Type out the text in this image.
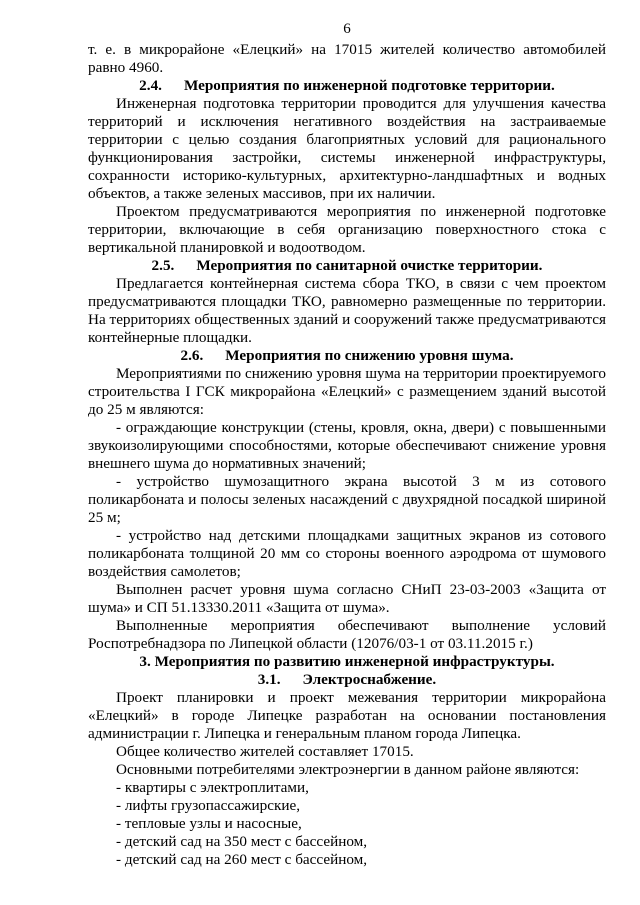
6

т. е. в микрорайоне «Елецкий» на 17015 жителей количество автомобилей равно 4960.

2.4. Мероприятия по инженерной подготовке территории.

Инженерная подготовка территории проводится для улучшения качества территорий и исключения негативного воздействия на застраиваемые территории с целью создания благоприятных условий для рационального функционирования застройки, системы инженерной инфраструктуры, сохранности историко-культурных, архитектурно-ландшафтных и водных объектов, а также зеленых массивов, при их наличии.

Проектом предусматриваются мероприятия по инженерной подготовке территории, включающие в себя организацию поверхностного стока с вертикальной планировкой и водоотводом.

2.5. Мероприятия по санитарной очистке территории.

Предлагается контейнерная система сбора ТКО, в связи с чем проектом предусматриваются площадки ТКО, равномерно размещенные по территории. На территориях общественных зданий и сооружений также предусматриваются контейнерные площадки.

2.6. Мероприятия по снижению уровня шума.

Мероприятиями по снижению уровня шума на территории проектируемого строительства I ГСК микрорайона «Елецкий» с размещением зданий высотой до 25 м являются:

- ограждающие конструкции (стены, кровля, окна, двери) с повышенными звукоизолирующими способностями, которые обеспечивают снижение уровня внешнего шума до нормативных значений;

- устройство шумозащитного экрана высотой 3 м из сотового поликарбоната и полосы зеленых насаждений с двухрядной посадкой шириной 25 м;

- устройство над детскими площадками защитных экранов из сотового поликарбоната толщиной 20 мм со стороны военного аэродрома от шумового воздействия самолетов;

Выполнен расчет уровня шума согласно СНиП 23-03-2003 «Защита от шума» и СП 51.13330.2011 «Защита от шума».

Выполненные мероприятия обеспечивают выполнение условий Роспотребнадзора по Липецкой области (12076/03-1 от 03.11.2015 г.)

3. Мероприятия по развитию инженерной инфраструктуры.
3.1. Электроснабжение.

Проект планировки и проект межевания территории микрорайона «Елецкий» в городе Липецке разработан на основании постановления администрации г. Липецка и генеральным планом города Липецка.

Общее количество жителей составляет 17015.

Основными потребителями электроэнергии в данном районе являются:

- квартиры с электроплитами,

- лифты грузопассажирские,

- тепловые узлы и насосные,

- детский сад на 350 мест с бассейном,

- детский сад на 260 мест с бассейном,
